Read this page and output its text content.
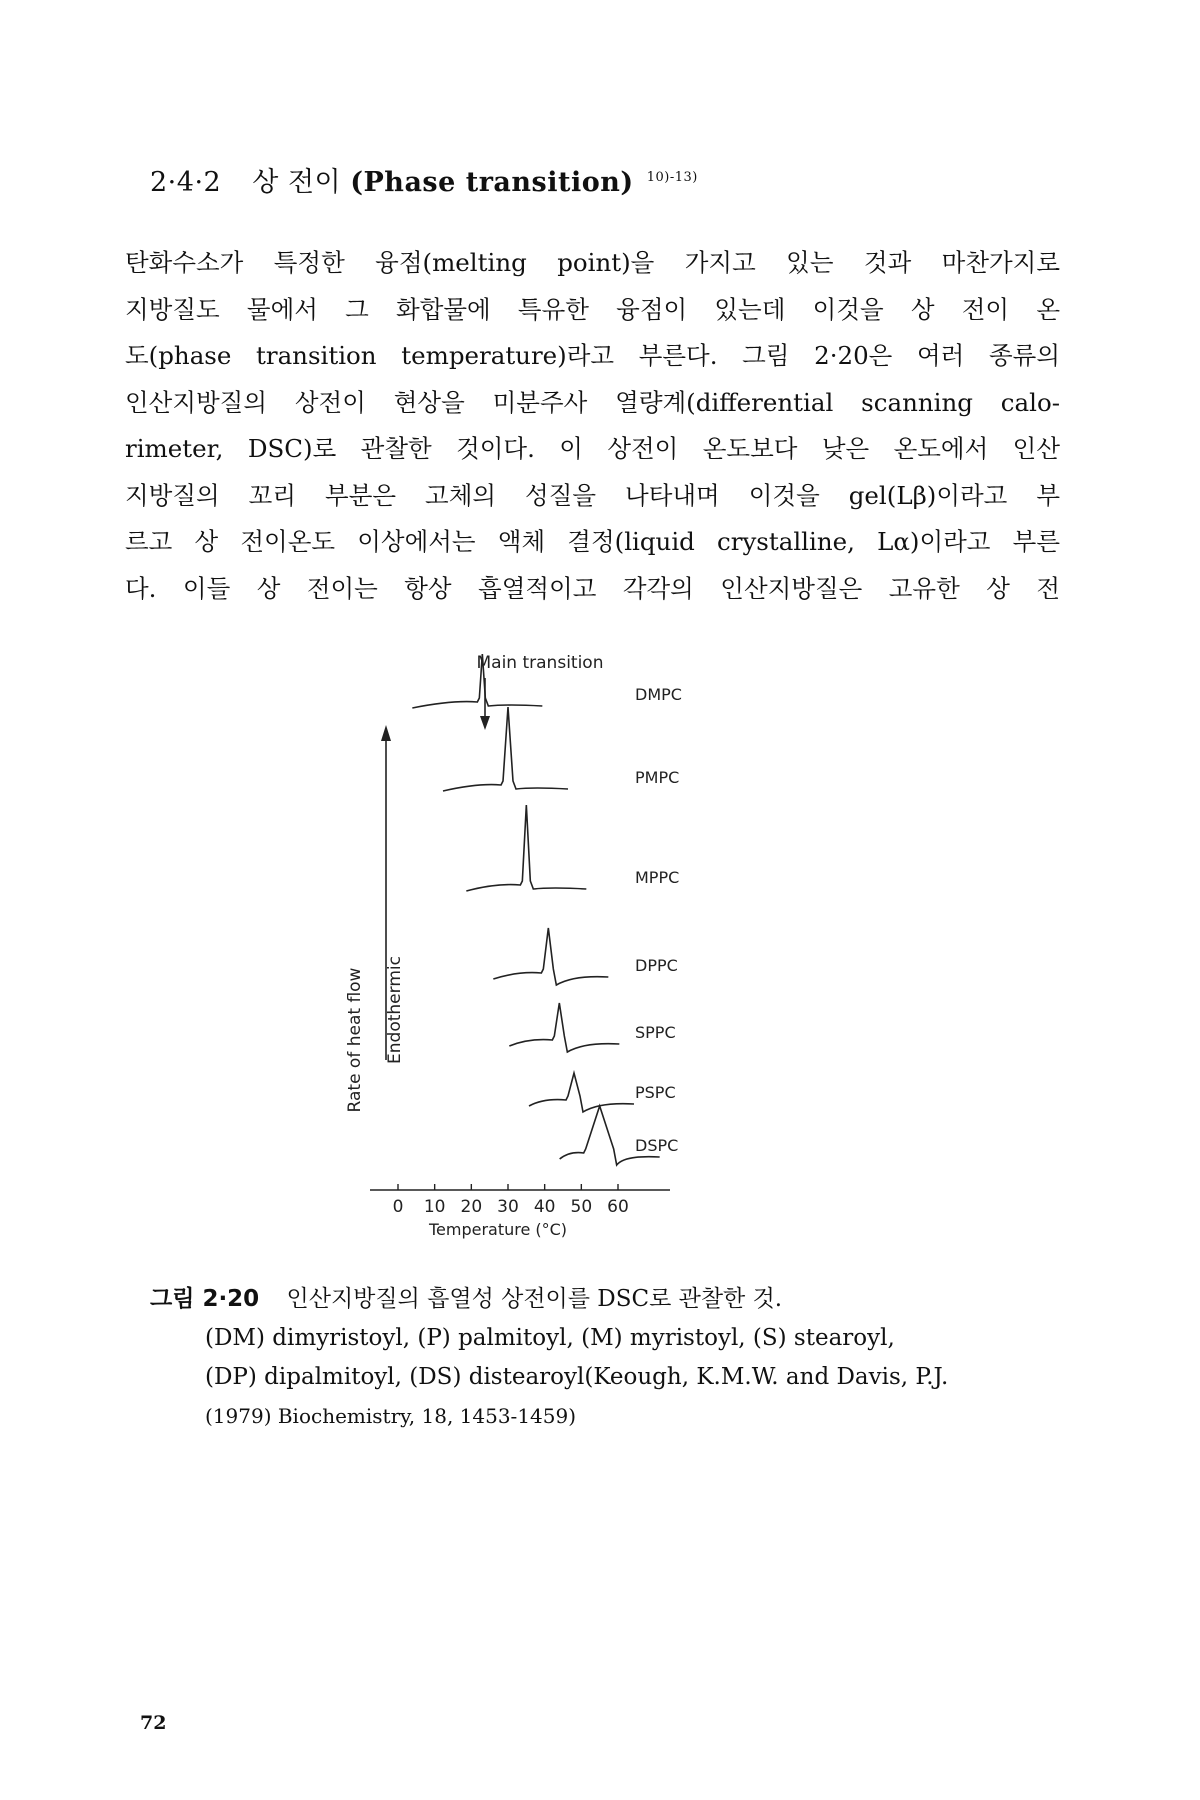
2·4·2 상 전이 (Phase transition) $^{10)-13)}$
탄화수소가 특정한 융점(melting point)을 가지고 있는 것과 마찬가지로
지방질도 물에서 그 화합물에 특유한 융점이 있는데 이것을 상 전이 온
도(phase transition temperature)라고 부른다. 그림 2·20은 여러 종류의
인산지방질의 상전이 현상을 미분주사 열량계(differential scanning calo-
rimeter, DSC)로 관찰한 것이다. 이 상전이 온도보다 낮은 온도에서 인산
지방질의 꼬리 부분은 고체의 성질을 나타내며 이것을 gel(Lβ)이라고 부
르고 상 전이온도 이상에서는 액체 결정(liquid crystalline, Lα)이라고 부른
다. 이들 상 전이는 항상 흡열적이고 각각의 인산지방질은 고유한 상 전
Main transition
Rate of heat flow Endothermic
DMPC
PMPC
MPPC
DPPC
SPPC
PSPC
DSPC
0 10 20 30 40 50 60
Temperature (°C)
그림 2·20 인산지방질의 흡열성 상전이를 DSC로 관찰한 것.
(DM) dimyristoyl, (P) palmitoyl, (M) myristoyl, (S) stearoyl,
(DP) dipalmitoyl, (DS) distearoyl(Keough, K.M.W. and Davis, P.J.
(1979) Biochemistry, 18, 1453-1459)
72
